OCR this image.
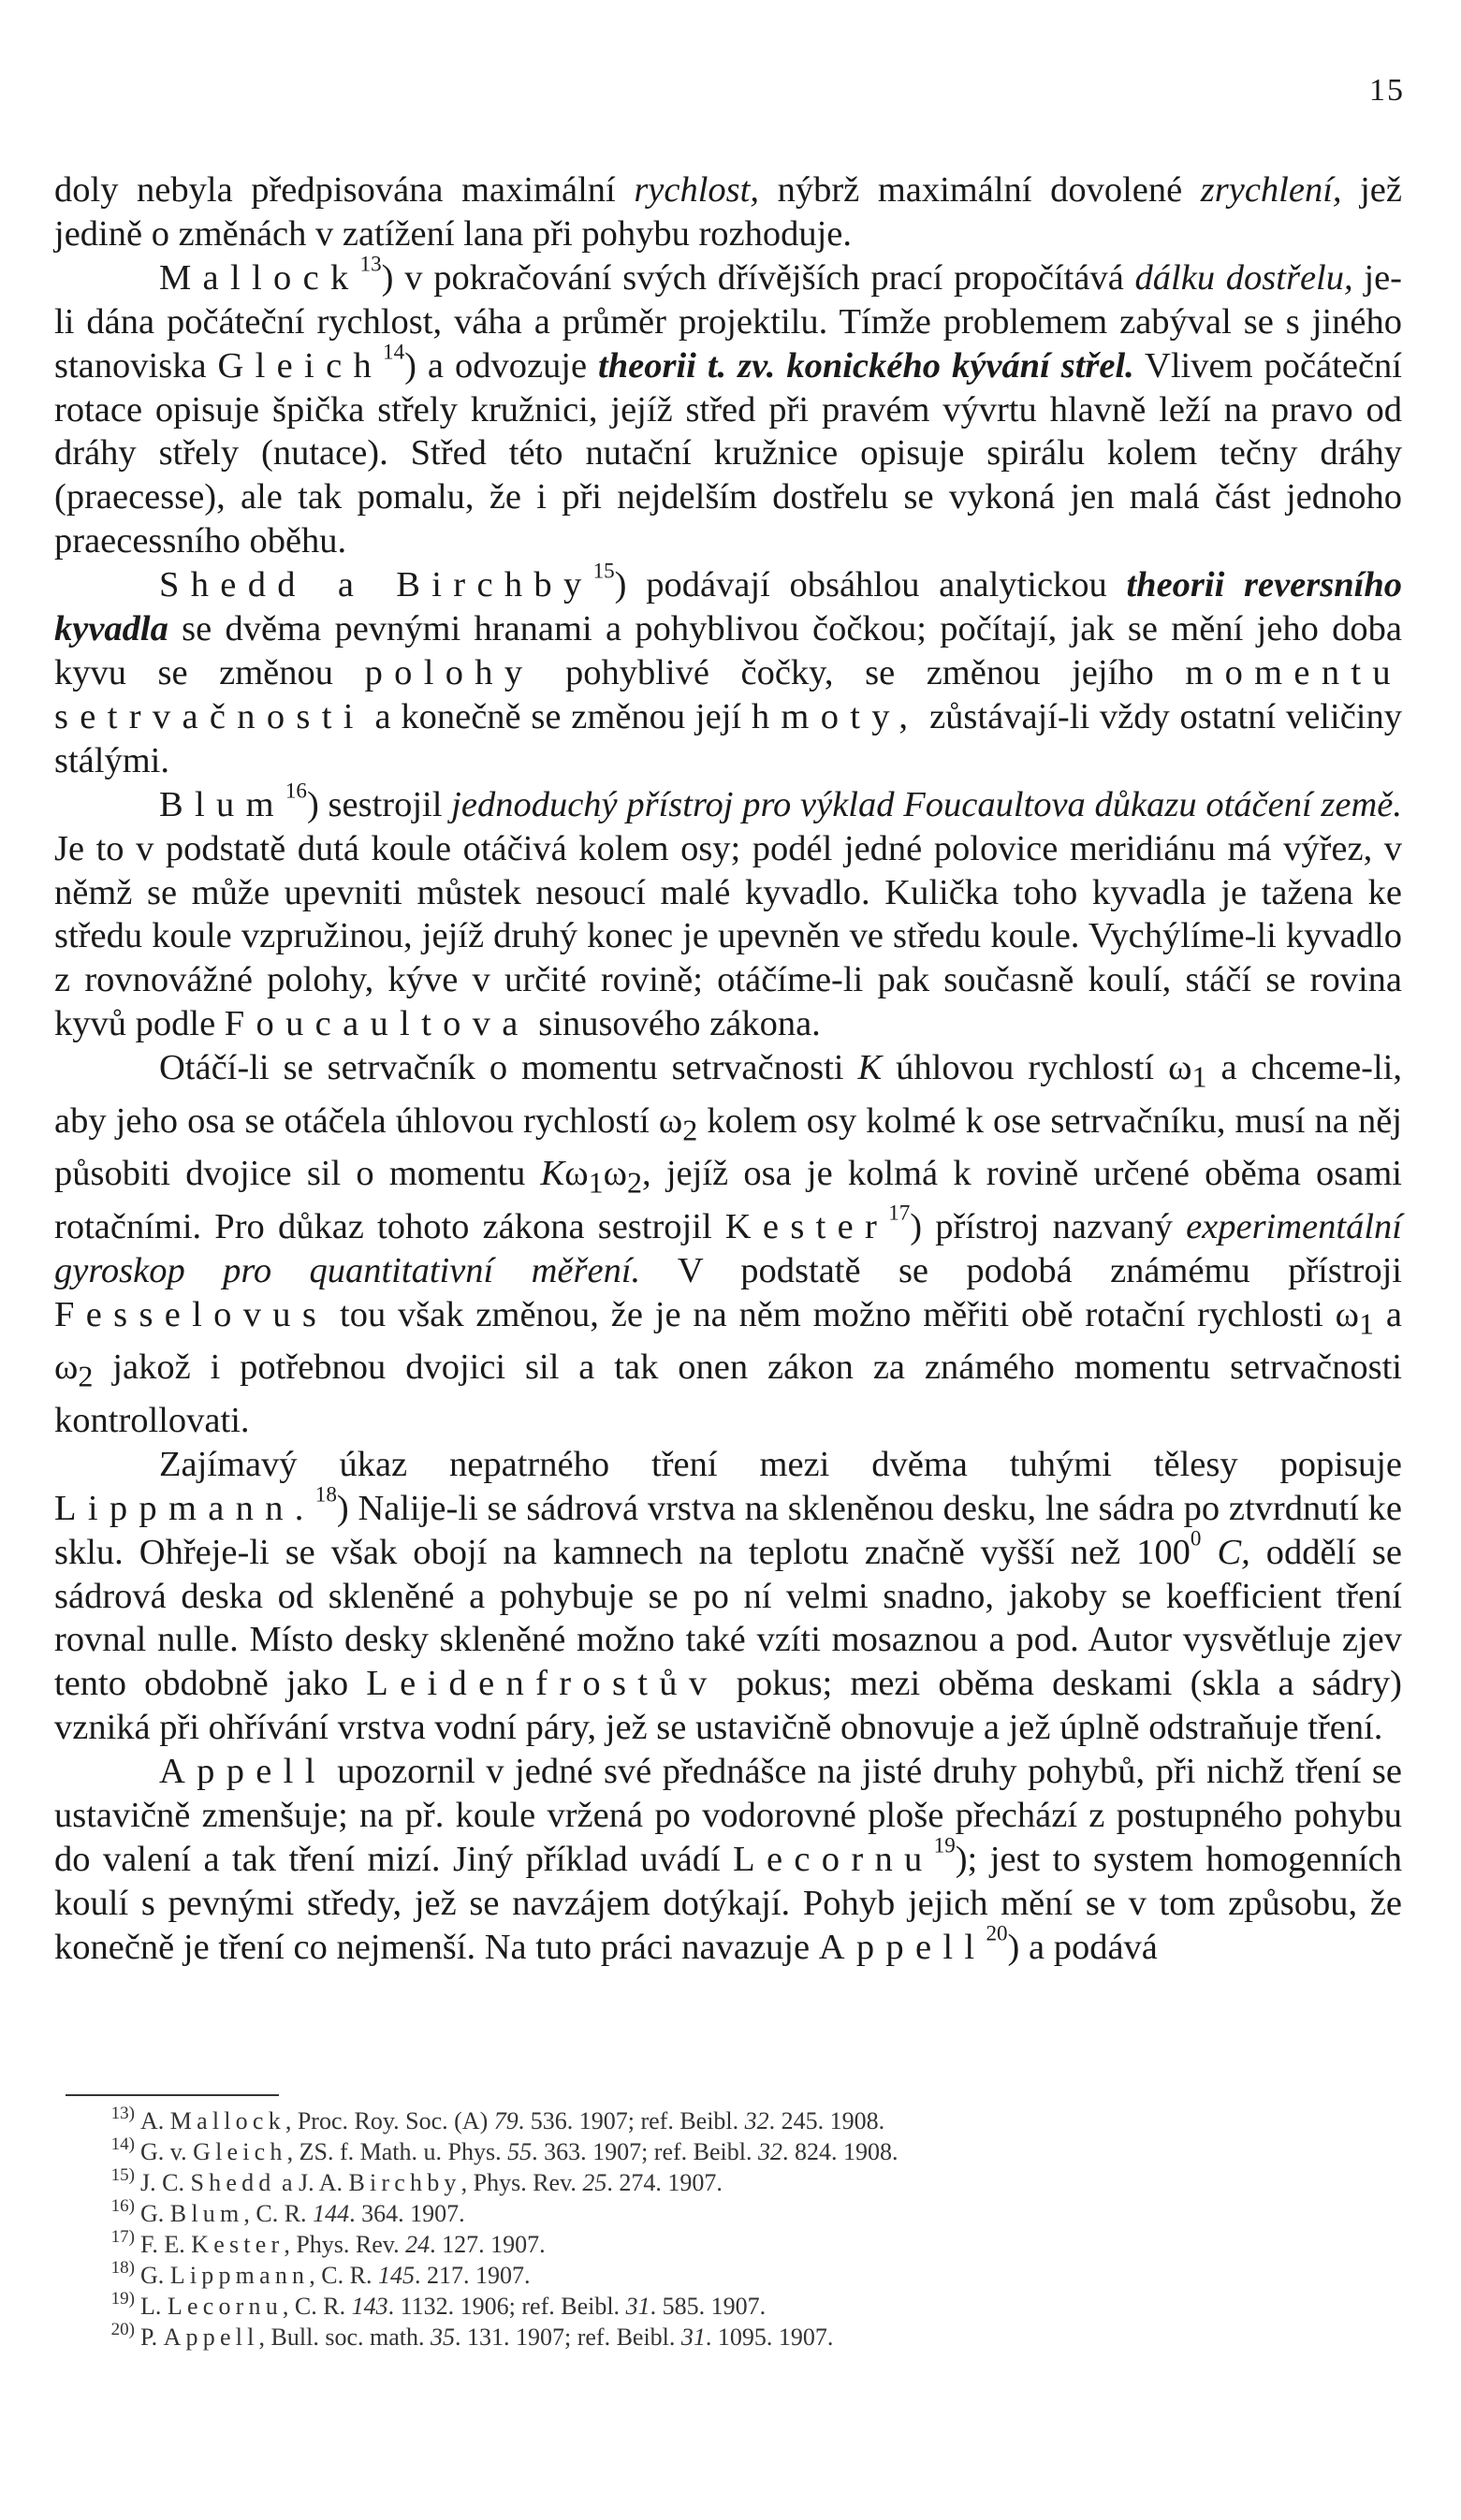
15

doly nebyla předpisována maximální rychlost, nýbrž maximální dovolené zrychlení, jež jedině o změnách v zatížení lana při pohybu rozhoduje.

Mallock$^{13}$) v pokračování svých dřívějších prací propočítává dálku dostřelu, je-li dána počáteční rychlost, váha a průměr projektilu. Tímže problemem zabýval se s jiného stanoviska Gleich$^{14}$) a odvozuje theorii t. zv. konického kývání střel. Vlivem počáteční rotace opisuje špička střely kružnici, jejíž střed při pravém vývrtu hlavně leží na pravo od dráhy střely (nutace). Střed této nutační kružnice opisuje spirálu kolem tečny dráhy (praecesse), ale tak pomalu, že i při nejdelším dostřelu se vykoná jen malá část jednoho praecessního oběhu.

Shedd a Birchby$^{15}$) podávají obsáhlou analytickou theorii reversního kyvadla se dvěma pevnými hranami a pohyblivou čočkou; počítají, jak se mění jeho doba kyvu se změnou polohy pohyblivé čočky, se změnou jejího momentu setrvačnosti a konečně se změnou její hmoty, zůstávají-li vždy ostatní veličiny stálými.

Blum$^{16}$) sestrojil jednoduchý přístroj pro výklad Foucaultova důkazu otáčení země. Je to v podstatě dutá koule otáčivá kolem osy; podél jedné polovice meridiánu má výřez, v němž se může upevniti můstek nesoucí malé kyvadlo. Kulička toho kyvadla je tažena ke středu koule vzpružinou, jejíž druhý konec je upevněn ve středu koule. Vychýlíme-li kyvadlo z rovnovážné polohy, kýve v určité rovině; otáčíme-li pak současně koulí, stáčí se rovina kyvů podle Foucaultova sinusového zákona.

Otáčí-li se setrvačník o momentu setrvačnosti K úhlovou rychlostí $\omega_1$ a chceme-li, aby jeho osa se otáčela úhlovou rychlostí $\omega_2$ kolem osy kolmé k ose setrvačníku, musí na něj působiti dvojice sil o momentu $K\omega_1\omega_2$, jejíž osa je kolmá k rovině určené oběma osami rotačními. Pro důkaz tohoto zákona sestrojil Kester$^{17}$) přístroj nazvaný experimentální gyroskop pro quantitativní měření. V podstatě se podobá známému přístroji Fesselovus tou však změnou, že je na něm možno měřiti obě rotační rychlosti $\omega_1$ a $\omega_2$ jakož i potřebnou dvojici sil a tak onen zákon za známého momentu setrvačnosti kontrollovati.

Zajímavý úkaz nepatrného tření mezi dvěma tuhými tělesy popisuje Lippmann.$^{18}$) Nalije-li se sádrová vrstva na skleněnou desku, lne sádra po ztvrdnutí ke sklu. Ohřeje-li se však obojí na kamnech na teplotu značně vyšší než $100^0$ C, oddělí se sádrová deska od skleněné a pohybuje se po ní velmi snadno, jakoby se koefficient tření rovnal nulle. Místo desky skleněné možno také vzíti mosaznou a pod. Autor vysvětluje zjev tento obdobně jako Leidenfrostův pokus; mezi oběma deskami (skla a sádry) vzniká při ohřívání vrstva vodní páry, jež se ustavičně obnovuje a jež úplně odstraňuje tření.

Appell upozornil v jedné své přednášce na jisté druhy pohybů, při nichž tření se ustavičně zmenšuje; na př. koule vržená po vodorovné ploše přechází z postupného pohybu do valení a tak tření mizí. Jiný příklad uvádí Lecornu$^{19}$); jest to system homogenních koulí s pevnými středy, jež se navzájem dotýkají. Pohyb jejich mění se v tom způsobu, že konečně je tření co nejmenší. Na tuto práci navazuje Appell$^{20}$) a podává

13) A. Mallock, Proc. Roy. Soc. (A) 79. 536. 1907; ref. Beibl. 32. 245. 1908.
14) G. v. Gleich, ZS. f. Math. u. Phys. 55. 363. 1907; ref. Beibl. 32. 824. 1908.
15) J. C. Shedd a J. A. Birchby, Phys. Rev. 25. 274. 1907.
16) G. Blum, C. R. 144. 364. 1907.
17) F. E. Kester, Phys. Rev. 24. 127. 1907.
18) G. Lippmann, C. R. 145. 217. 1907.
19) L. Lecornu, C. R. 143. 1132. 1906; ref. Beibl. 31. 585. 1907.
20) P. Appell, Bull. soc. math. 35. 131. 1907; ref. Beibl. 31. 1095. 1907.
